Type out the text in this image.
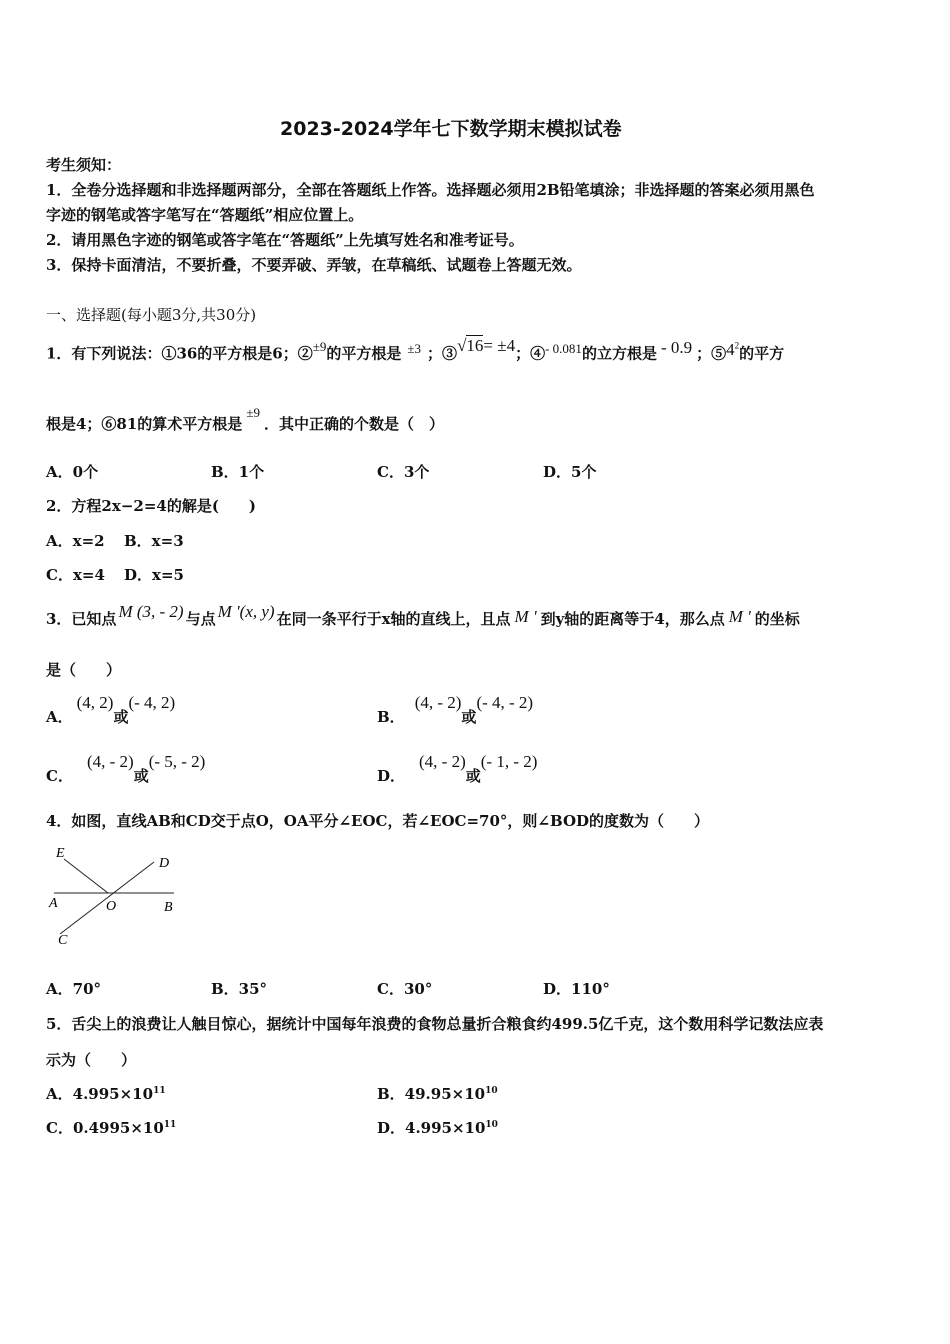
2023-2024学年七下数学期末模拟试卷
考生须知：
1．全卷分选择题和非选择题两部分，全部在答题纸上作答。选择题必须用2B铅笔填涂；非选择题的答案必须用黑色
字迹的钢笔或答字笔写在“答题纸”相应位置上。
2．请用黑色字迹的钢笔或答字笔在“答题纸”上先填写姓名和准考证号。
3．保持卡面清洁，不要折叠，不要弄破、弄皱，在草稿纸、试题卷上答题无效。
一、选择题(每小题3分,共30分)
1．有下列说法：①36的平方根是6；②±9的平方根是 ±3 ；③√16= ±4；④- 0.081的立方根是 - 0.9 ；$⑤4^2$的平方
根是4；⑥81的算术平方根是±9．其中正确的个数是（　）
A．0个	B．1个	C．3个	D．5个
2．方程2x−2=4的解是(　　)
A．x=2 B．x=3
C．x=4 D．x=5
3．已知点 M (3, - 2) 与点 M '(x, y) 在同一条平行于x轴的直线上，且点 M ' 到y轴的距离等于4，那么点 M ' 的坐标
是（　　）
A．(4, 2)或(- 4, 2)
B．(4, - 2)或(- 4, - 2)
C．(4, - 2)或(- 5, - 2)
D．(4, - 2)或(- 1, - 2)
4．如图，直线AB和CD交于点O，OA平分∠EOC，若∠EOC=70°，则∠BOD的度数为（　　）
E
D
A	O	B
C
A．70°	B．35°	C．30°	D．110°
5．舌尖上的浪费让人触目惊心，据统计中国每年浪费的食物总量折合粮食约499.5亿千克，这个数用科学记数法应表
示为（　　）
A．$4.995\times 10^{11}$	B．$49.95\times 10^{10}$
C．$0.4995\times 10^{11}$	D．$4.995\times 10^{10}$
